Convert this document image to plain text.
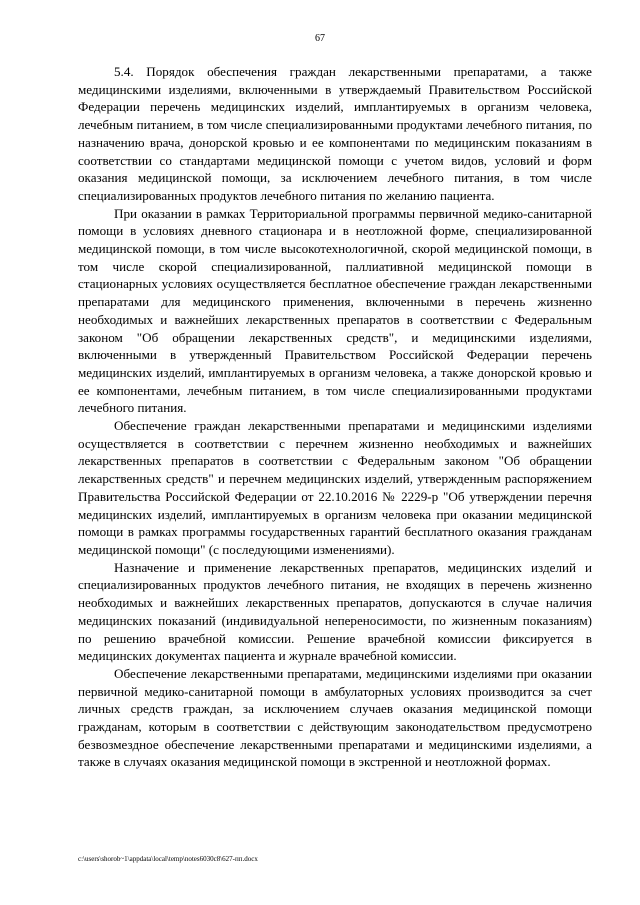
67

5.4. Порядок обеспечения граждан лекарственными препаратами, а также медицинскими изделиями, включенными в утверждаемый Правительством Российской Федерации перечень медицинских изделий, имплантируемых в организм человека, лечебным питанием, в том числе специализированными продуктами лечебного питания, по назначению врача, донорской кровью и ее компонентами по медицинским показаниям в соответствии со стандартами медицинской помощи с учетом видов, условий и форм оказания медицинской помощи, за исключением лечебного питания, в том числе специализированных продуктов лечебного питания по желанию пациента.

При оказании в рамках Территориальной программы первичной медико-санитарной помощи в условиях дневного стационара и в неотложной форме, специализированной медицинской помощи, в том числе высокотехнологичной, скорой медицинской помощи, в том числе скорой специализированной, паллиативной медицинской помощи в стационарных условиях осуществляется бесплатное обеспечение граждан лекарственными препаратами для медицинского применения, включенными в перечень жизненно необходимых и важнейших лекарственных препаратов в соответствии с Федеральным законом "Об обращении лекарственных средств", и медицинскими изделиями, включенными в утвержденный Правительством Российской Федерации перечень медицинских изделий, имплантируемых в организм человека, а также донорской кровью и ее компонентами, лечебным питанием, в том числе специализированными продуктами лечебного питания.

Обеспечение граждан лекарственными препаратами и медицинскими изделиями осуществляется в соответствии с перечнем жизненно необходимых и важнейших лекарственных препаратов в соответствии с Федеральным законом "Об обращении лекарственных средств" и перечнем медицинских изделий, утвержденным распоряжением Правительства Российской Федерации от 22.10.2016 № 2229-р "Об утверждении перечня медицинских изделий, имплантируемых в организм человека при оказании медицинской помощи в рамках программы государственных гарантий бесплатного оказания гражданам медицинской помощи" (с последующими изменениями).

Назначение и применение лекарственных препаратов, медицинских изделий и специализированных продуктов лечебного питания, не входящих в перечень жизненно необходимых и важнейших лекарственных препаратов, допускаются в случае наличия медицинских показаний (индивидуальной непереносимости, по жизненным показаниям) по решению врачебной комиссии. Решение врачебной комиссии фиксируется в медицинских документах пациента и журнале врачебной комиссии.

Обеспечение лекарственными препаратами, медицинскими изделиями при оказании первичной медико-санитарной помощи в амбулаторных условиях производится за счет личных средств граждан, за исключением случаев оказания медицинской помощи гражданам, которым в соответствии с действующим законодательством предусмотрено безвозмездное обеспечение лекарственными препаратами и медицинскими изделиями, а также в случаях оказания медицинской помощи в экстренной и неотложной формах.

c:\users\shorob~1\appdata\local\temp\notes6030c8\627-пп.docx
